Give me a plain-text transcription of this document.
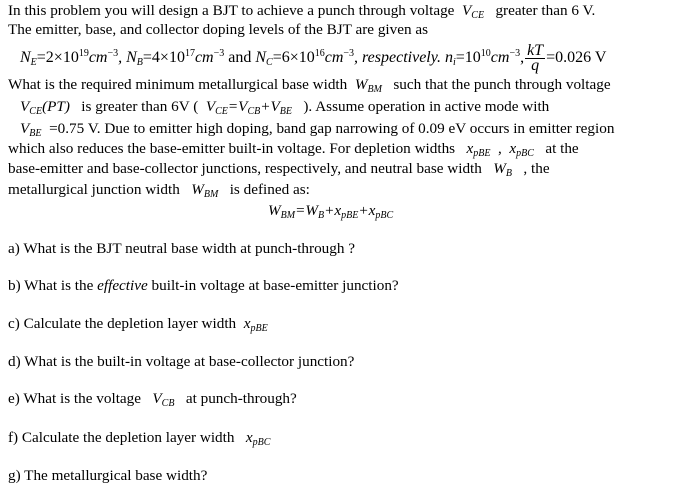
In this problem you will design a BJT to achieve a punch through voltage $V_{CE}$ greater than 6 V.
The emitter, base, and collector doping levels of the BJT are given as
$N_E=2\times 10^{19}cm^{-3}$, $N_B=4\times 10^{17}cm^{-3}$ and $N_C=6\times 10^{16}cm^{-3}$, respectively. $n_i=10^{10}cm^{-3}$, $\frac{kT}{q} =0.026$ V
What is the required minimum metallurgical base width $W_{BM}$ such that the punch through voltage
$V_{CE}(PT)$ is greater than 6V ( $V_{CE}=V_{CB}+V_{BE}$ ). Assume operation in active mode with
$V_{BE} =0.75$ V. Due to emitter high doping, band gap narrowing of 0.09 eV occurs in emitter region
which also reduces the base-emitter built-in voltage. For depletion widths $x_{pBE}$ , $x_{pBC}$ at the
base-emitter and base-collector junctions, respectively, and neutral base width $W_B$ , the
metallurgical junction width $W_{BM}$ is defined as:
$W_{BM}=W_B+x_{pBE}+x_{pBC}$
a) What is the BJT neutral base width at punch-through ?
b) What is the effective built-in voltage at base-emitter junction?
c) Calculate the depletion layer width $x_{pBE}$
d) What is the built-in voltage at base-collector junction?
e) What is the voltage $V_{CB}$ at punch-through?
f) Calculate the depletion layer width $x_{pBC}$
g) The metallurgical base width?
